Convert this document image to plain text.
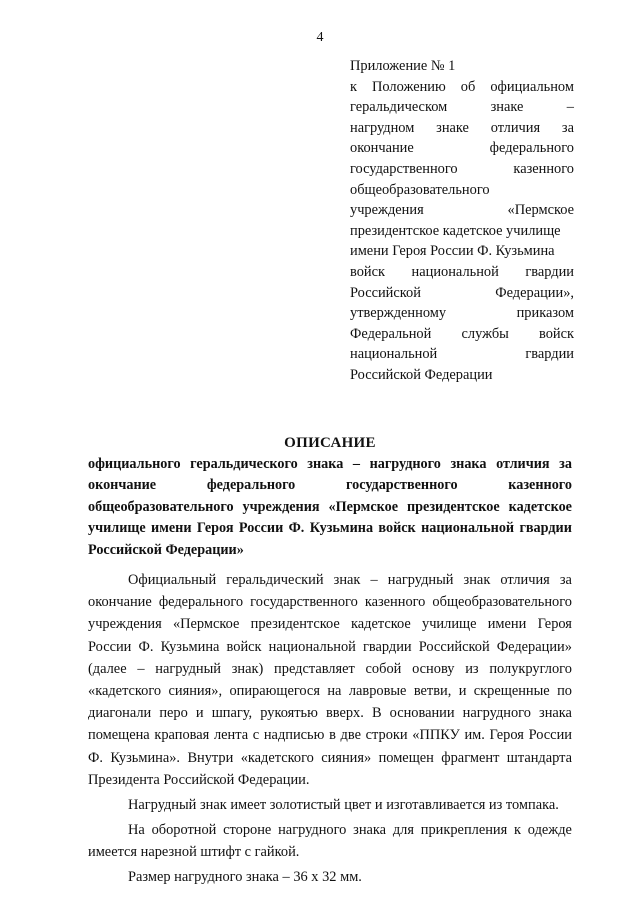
4
Приложение № 1
к Положению об официальном
геральдическом	знаке	–
нагрудном знаке отличия за
окончание	федерального
государственного	казенного
общеобразовательного
учреждения	«Пермское
президентское кадетское училище
имени Героя России Ф. Кузьмина
войск национальной гвардии
Российской	Федерации»,
утвержденному	приказом
Федеральной службы войск
национальной	гвардии
Российской Федерации
ОПИСАНИЕ
официального геральдического знака – нагрудного знака отличия за
окончание	федерального	государственного	казенного
общеобразовательного учреждения «Пермское президентское кадетское
училище имени Героя России Ф. Кузьмина войск национальной гвардии
Российской Федерации»
Официальный геральдический знак – нагрудный знак отличия за
окончание федерального государственного казенного общеобразовательного
учреждения «Пермское президентское кадетское училище имени Героя
России Ф. Кузьмина войск национальной гвардии Российской Федерации»
(далее – нагрудный знак) представляет собой основу из полукруглого
«кадетского сияния», опирающегося на лавровые ветви, и скрещенные по
диагонали перо и шпагу, рукоятью вверх. В основании нагрудного знака
помещена краповая лента с надписью в две строки «ППКУ им. Героя России
Ф. Кузьмина». Внутри «кадетского сияния» помещен фрагмент штандарта
Президента Российской Федерации.
Нагрудный знак имеет золотистый цвет и изготавливается из томпака.
На оборотной стороне нагрудного знака для прикрепления к одежде
имеется нарезной штифт с гайкой.
Размер нагрудного знака – 36 х 32 мм.
